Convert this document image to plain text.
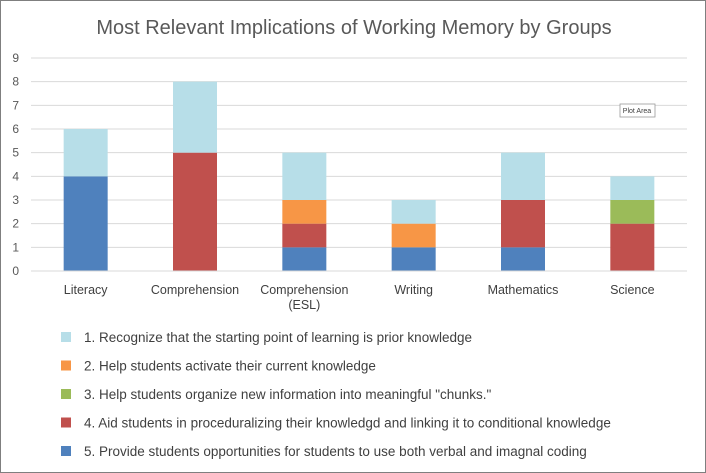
Most Relevant Implications of Working Memory by Groups
0
1
2
3
4
5
6
7
8
9
Literacy	Comprehension Comprehension
(ESL)
Writing	Mathematics	Science
1. Recognize that the starting point of learning is prior knowledge
2. Help students activate their current knowledge
3. Help students organize new information into meaningful "chunks."
4. Aid students in proceduralizing their knowledgd and linking it to conditional knowledge
5. Provide students opportunities for students to use both verbal and imagnal coding
Plot Area
